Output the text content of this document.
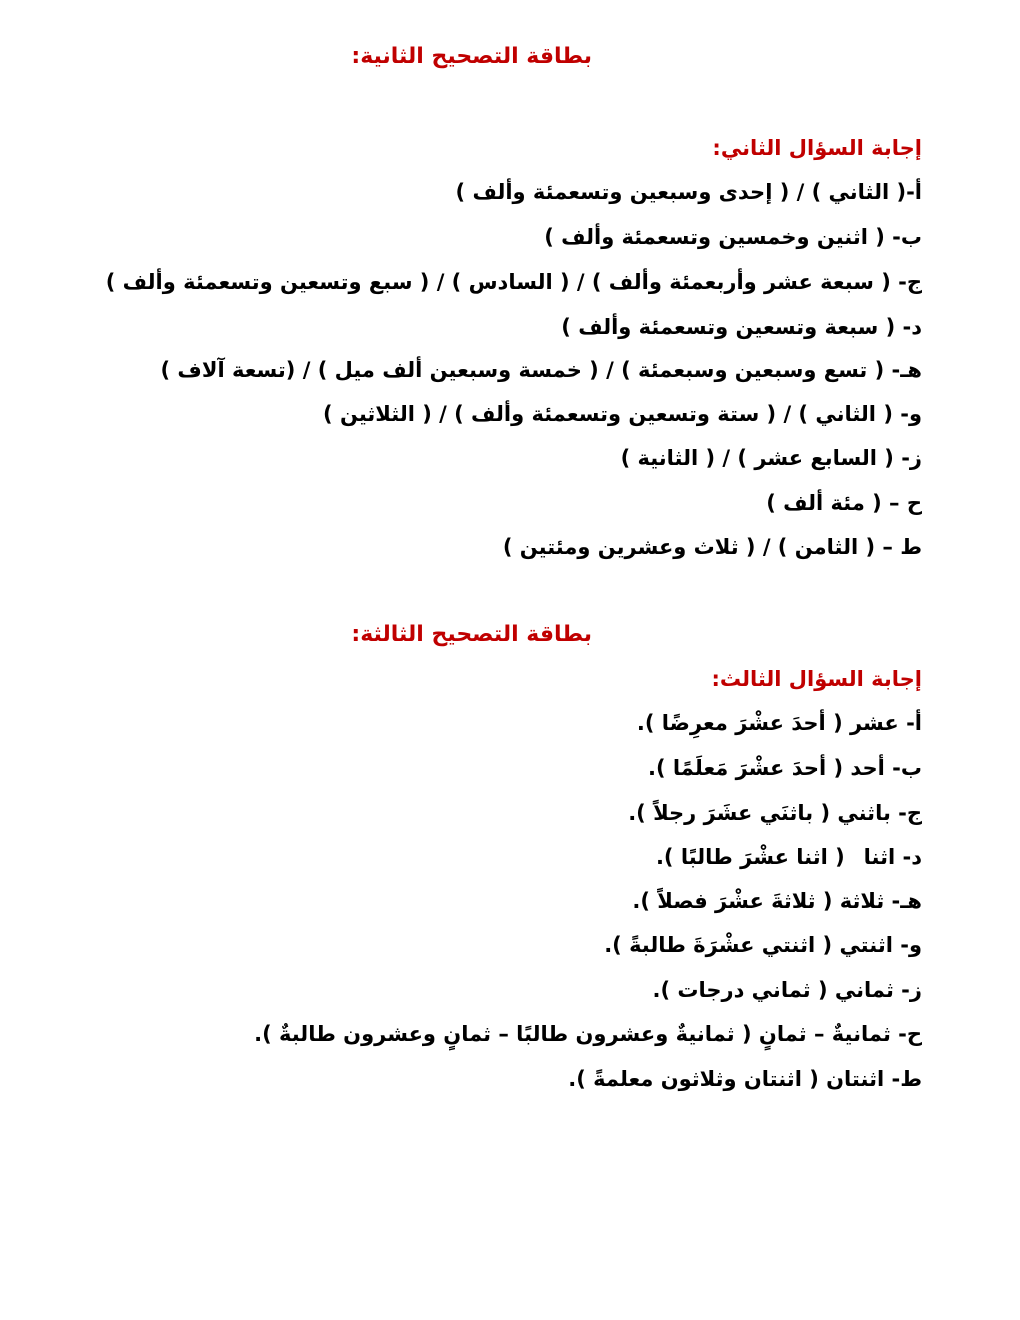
بطاقة التصحيح الثانية:
إجابة السؤال الثاني:
أ-( الثاني ) / ( إحدى وسبعين وتسعمئة وألف )
ب- ( اثنين وخمسين وتسعمئة وألف )
ج- ( سبعة عشر وأربعمئة وألف ) / ( السادس ) / ( سبع وتسعين وتسعمئة وألف )
د- ( سبعة وتسعين وتسعمئة وألف )
هـ- ( تسع وسبعين وسبعمئة ) / ( خمسة وسبعين ألف ميل ) / (تسعة آلاف )
و- ( الثاني ) / ( ستة وتسعين وتسعمئة وألف ) / ( الثلاثين )
ز- ( السابع عشر ) / ( الثانية )
ح – ( مئة ألف )
ط – ( الثامن ) / ( ثلاث وعشرين ومئتين )
بطاقة التصحيح الثالثة:
إجابة السؤال الثالث:
أ- عشر ( أحدَ عشْرَ معرِضًا ).
ب- أحد ( أحدَ عشْرَ مَعلَمًا ).
ج- باثني ( باثنَي عشَرَ رجلاً ).
د- اثنا ( اثنا عشْرَ طالبًا ).
هـ- ثلاثة ( ثلاثةَ عشْرَ فصلاً ).
و- اثنتي ( اثنتي عشْرَةَ طالبةً ).
ز- ثماني ( ثماني درجات ).
ح- ثمانيةٌ – ثمانٍ ( ثمانيةٌ وعشرون طالبًا – ثمانٍ وعشرون طالبةٌ ).
ط- اثنتان ( اثنتان وثلاثون معلمةً ).
